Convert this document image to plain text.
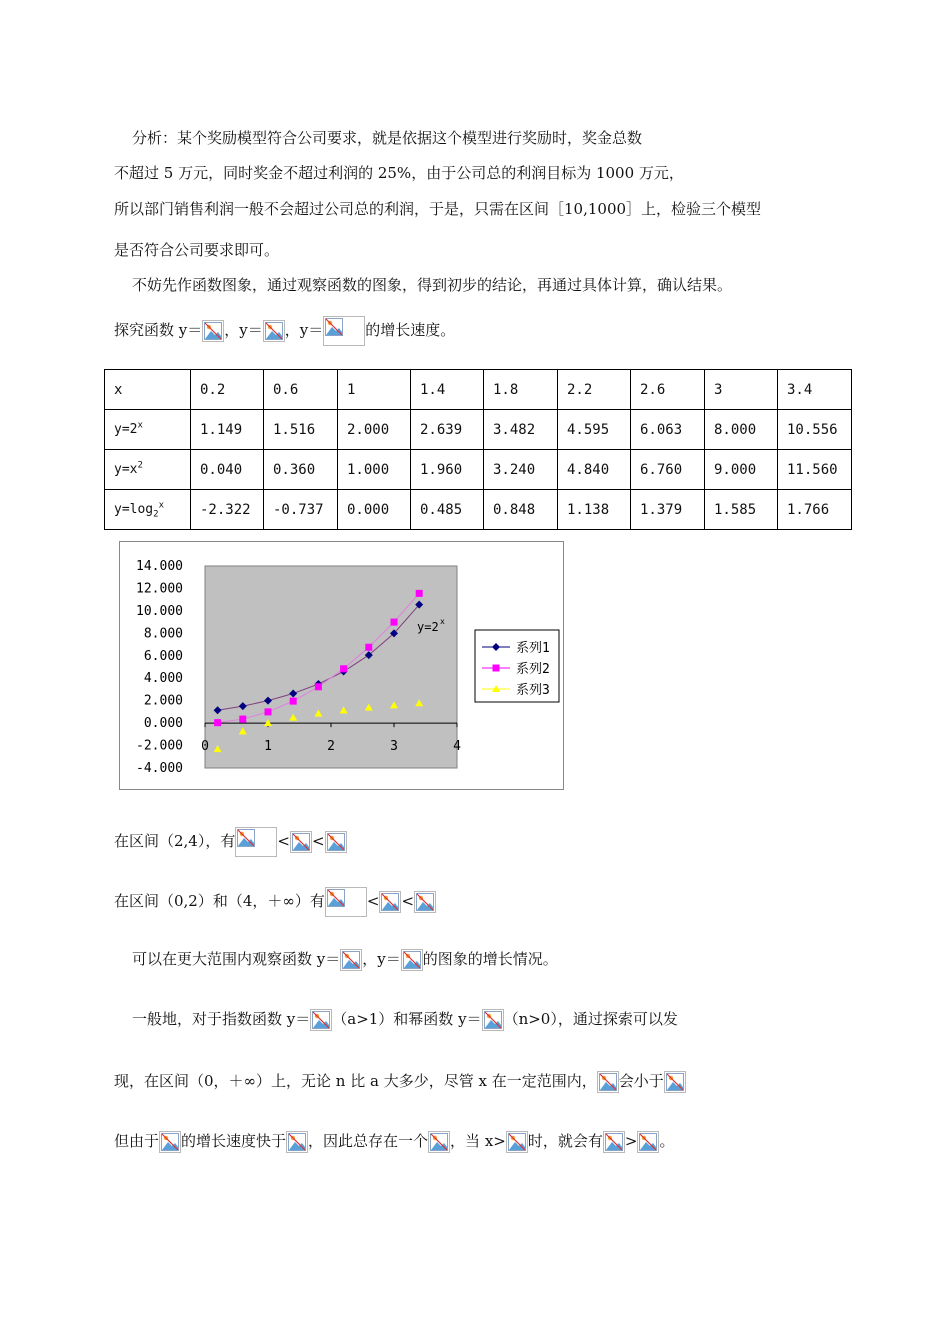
分析：某个奖励模型符合公司要求，就是依据这个模型进行奖励时，奖金总数
不超过 5 万元，同时奖金不超过利润的 25%，由于公司总的利润目标为 1000 万元，
所以部门销售利润一般不会超过公司总的利润，于是，只需在区间［10,1000］上，检验三个模型
是否符合公司要求即可。
不妨先作函数图象，通过观察函数的图象，得到初步的结论，再通过具体计算，确认结果。
探究函数 y＝ ，y＝ ，y＝	的增长速度。
x	0.2	0.6	1	1.4	1.8	2.2	2.6	3	3.4
$y=2^x$	1.149	1.516	2.000	2.639	3.482	4.595	6.063	8.000	10.556
$y=x^2$	0.040	0.360	1.000	1.960	3.240	4.840	6.760	9.000	11.560
$y=\log_2^x$	-2.322	-0.737	0.000	0.485	0.848	1.138	1.379	1.585	1.766
14.000
12.000
10.000
8.000
6.000
4.000
2.000
0.000
-2.000
-4.000
0	1	2	3	4
y=2 x
系列1
系列2
系列3
在区间（2,4），有	< <
在区间（0,2）和（4，＋∞）有	< <
可以在更大范围内观察函数 y＝ ，y＝ 的图象的增长情况。
一般地，对于指数函数 y＝ （a>1）和幂函数 y＝ （n>0），通过探索可以发
现，在区间（0，＋∞）上，无论 n 比 a 大多少，尽管 x 在一定范围内， 会小于
但由于 的增长速度快于 ，因此总存在一个 ，当 x> 时，就会有 > 。
